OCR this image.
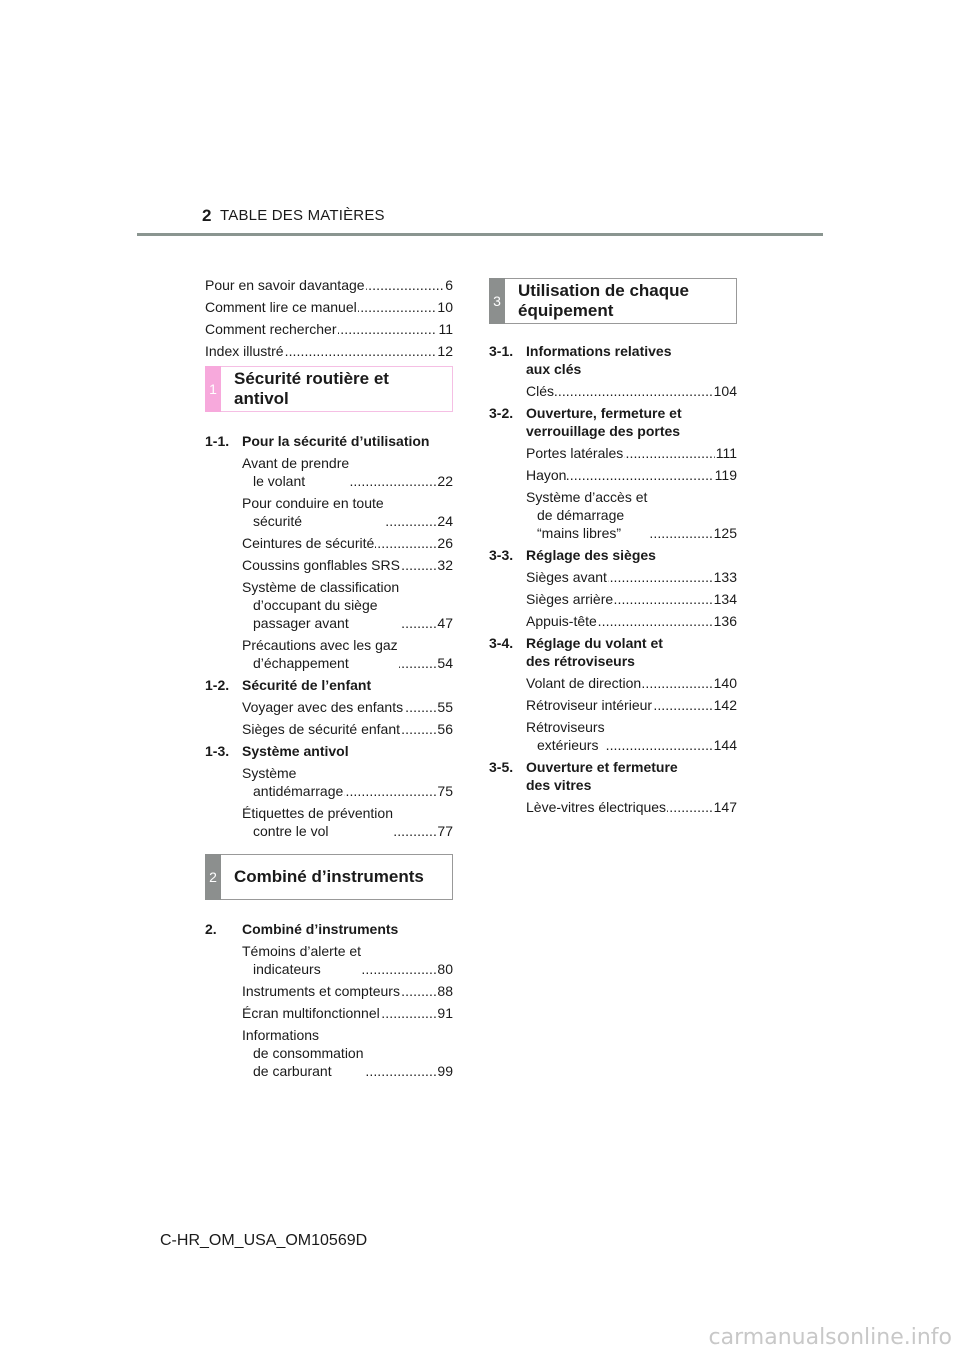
2 TABLE DES MATIÈRES
. . .
Pour en savoir davantage	6
. . .
Comment lire ce manuel	10
. . .
Comment rechercher	11
. . .
Index illustré	12
1
Sécurité routière et antivol
1-1. Pour la sécurité d’utilisation
. . .
Avant de prendre
le volant	22
. . .
Pour conduire en toute
sécurité	24
. . .
Ceintures de sécurité	26
. . .
Coussins gonflables SRS	32
. . .
Système de classification
d’occupant du siège
passager avant	47
. . .
Précautions avec les gaz
d’échappement	54
1-2. Sécurité de l’enfant
. . .
Voyager avec des enfants 55
. . .
Sièges de sécurité enfant	56
1-3. Système antivol
. . .
Système
antidémarrage	75
. . .
Étiquettes de prévention
contre le vol	77
2 Combiné d’instruments
2. Combiné d’instruments
. . .
Témoins d’alerte et
indicateurs	80
. . .
Instruments et compteurs	88
. . .
Écran multifonctionnel	91
. . .
Informations
de consommation
de carburant	99
3
Utilisation de chaque équipement
3-1. Informations relatives
aux clés
. . .
Clés	104
3-2. Ouverture, fermeture et
verrouillage des portes
. . .
Portes latérales	111
. . .
Hayon	119
. . .
Système d’accès et
de démarrage
“mains libres”	125
3-3. Réglage des sièges
. . .
Sièges avant	133
. . .
Sièges arrière	134
. . .
Appuis-tête	136
3-4. Réglage du volant et
des rétroviseurs
. . .
Volant de direction	140
. . .
Rétroviseur intérieur	142
. . .
Rétroviseurs
extérieurs	144
3-5. Ouverture et fermeture
des vitres
. . .
Lève-vitres électriques	147
C-HR_OM_USA_OM10569D
carmanualsonline.info
